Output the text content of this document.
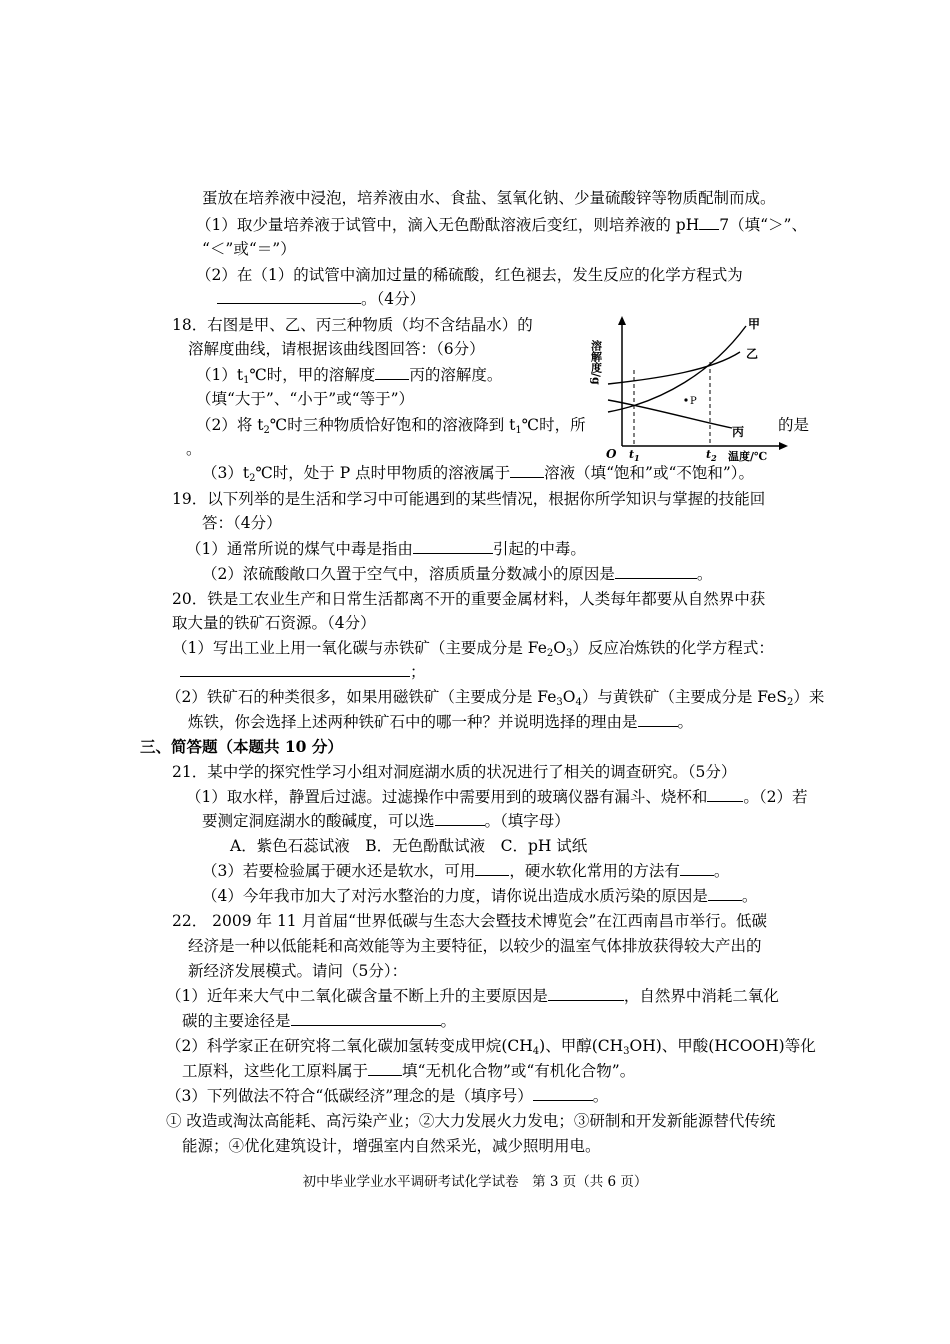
蛋放在培养液中浸泡，培养液由水、食盐、氢氧化钠、少量硫酸锌等物质配制而成。
（1）取少量培养液于试管中，滴入无色酚酞溶液后变红，则培养液的 pH 7（填“＞”、
“＜”或“＝”）
（2）在（1）的试管中滴加过量的稀硫酸，红色褪去，发生反应的化学方程式为
。（4分）
18．右图是甲、乙、丙三种物质（均不含结晶水）的
溶解度曲线，请根据该曲线图回答：（6分）
$(1)t_1℃$时，甲的溶解度 丙的溶解度。
（填“大于”、“小于”或“等于”）
（2）将 $t_2℃$时三种物质恰好饱和的溶液降到 $t_1℃$时，所	的是
。
$(3)t_2℃$时，处于 P 点时甲物质的溶液属于 溶液（填“饱和”或“不饱和”）。
P
溶解度/g
温度/℃
O $t_1$	$t_2$
甲
乙
丙
19．以下列举的是生活和学习中可能遇到的某些情况，根据你所学知识与掌握的技能回
答：（4分）
（1）通常所说的煤气中毒是指由	引起的中毒。
（2）浓硫酸敞口久置于空气中，溶质质量分数减小的原因是	。
20．铁是工农业生产和日常生活都离不开的重要金属材料，人类每年都要从自然界中获
取大量的铁矿石资源。（4分）
（1）写出工业上用一氧化碳与赤铁矿（主要成分是 $Fe_2O_3$）反应冶炼铁的化学方程式：
；
（2）铁矿石的种类很多，如果用磁铁矿（主要成分是 $Fe_3O_4$）与黄铁矿（主要成分是 FeS$_2$）来
炼铁，你会选择上述两种铁矿石中的哪一种？并说明选择的理由是	。
三、简答题（本题共 10 分）
21．某中学的探究性学习小组对洞庭湖水质的状况进行了相关的调查研究。（5分）
（1）取水样，静置后过滤。过滤操作中需要用到的玻璃仪器有漏斗、烧杯和 。（2）若
要测定洞庭湖水的酸碱度，可以选	。（填字母）
A．紫色石蕊试液　B．无色酚酞试液　C．pH 试纸
（3）若要检验属于硬水还是软水，可用 ，硬水软化常用的方法有 。
（4）今年我市加大了对污水整治的力度，请你说出造成水质污染的原因是 。
22． 2009 年 11 月首届“世界低碳与生态大会暨技术博览会”在江西南昌市举行。低碳
经济是一种以低能耗和高效能等为主要特征，以较少的温室气体排放获得较大产出的
新经济发展模式。请问（5分）：
（1）近年来大气中二氧化碳含量不断上升的主要原因是	，自然界中消耗二氧化
碳的主要途径是	。
（2）科学家正在研究将二氧化碳加氢转变成甲烷$(CH_4)$、甲醇$(CH_3OH)$、甲酸(HCOOH)等化
工原料，这些化工原料属于 填“无机化合物”或“有机化合物”。
（3）下列做法不符合“低碳经济”理念的是（填序号）	。
① 改造或淘汰高能耗、高污染产业；②大力发展火力发电；③研制和开发新能源替代传统
能源；④优化建筑设计，增强室内自然采光，减少照明用电。
初中毕业学业水平调研考试化学试卷　第 3 页（共 6 页）
